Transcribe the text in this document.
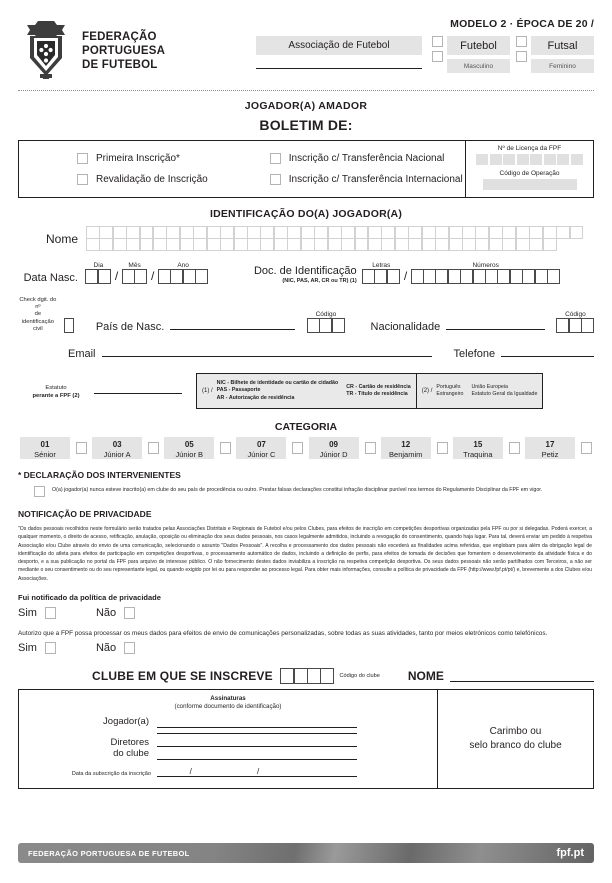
FEDERAÇÃO
PORTUGUESA
DE FUTEBOL
MODELO 2 · ÉPOCA DE 20 /
Associação de Futebol	Futebol
Masculino
Futsal
Feminino
JOGADOR(A) AMADOR
BOLETIM DE:
Primeira Inscrição*
Revalidação de Inscrição
Inscrição c/ Transferência Nacional
Inscrição c/ Transferência Internacional
Nº de Licença da FPF
Código de Operação
IDENTIFICAÇÃO DO(A) JOGADOR(A)
Nome
Data Nasc.
Dia
/
Mês
/
Ano	Doc. de Identificação
(NIC, PAS, AR, CR ou TR) (1)
Letras
/
Números
Check dgit. do nº
de identificação civil	País de Nasc.
Código
Nacionalidade
Código
Email	Telefone
Estatuto
perante a FPF (2)
(1) /
NIC - Bilhete de identidade ou cartão de cidadão
PAS - Passaporte
AR - Autorização de residência
CR - Cartão de residência
TR - Título de residência	(2) /
Português
Estrangeiro
União Europeia
Estatuto Geral da Igualdade
CATEGORIA
01
Sénior
03
Júnior A
05
Júnior B
07
Júnior C
09
Júnior D
12
Benjamim
15
Traquina
17
Petiz
* DECLARAÇÃO DOS INTERVENIENTES
O(a) jogador(a) nunca esteve inscrito(a) em clube do seu país de procedência ou outro. Prestar falsas declarações constitui infração disciplinar punível nos termos do Regulamento Disciplinar da FPF em vigor.
NOTIFICAÇÃO DE PRIVACIDADE
"Os dados pessoais recolhidos neste formulário serão tratados pelas Associações Distritais e Regionais de Futebol e/ou pelos Clubes, para efeitos de inscrição em competições desportivas organizadas pela FPF ou por si delegadas. Poderá exercer, a qualquer momento, o direito de acesso, retificação, anulação, oposição ou eliminação dos seus dados pessoais, nos casos legalmente admitidos, incluindo a revogação do consentimento, quando haja lugar. Para tal, deverá enviar um pedido à respetiva Associação e/ou Clube através do envio de uma comunicação, selecionando o assunto "Dados Pessoais". A recolha e processamento dos dados pessoais não excederá as finalidades acima referidas, que englobam para além da obrigação legal de identificação do atleta para efeitos de participação em competições desportivas, o processamento automático de dados, incluindo a definição de perfis, para efeitos de tomada de decisões que fomentem o desenvolvimento da atividade física e do desporto, e a sua publicação no portal da FPF para arquivo de interesse público. O não fornecimento destes dados inviabiliza a inscrição na respetiva competição desportiva. Os seus dados pessoais não serão partilhados com Terceiros, a não ser mediante o seu consentimento ou do seu representante legal, ou quando exigido por lei ou para responder ao processo legal. Para obter mais informações, consulte a política de privacidade da FPF (http://www.fpf.pt/pt/) e, brevemente a dos Clubes e/ou Associações.
Fui notificado da política de privacidade
Sim	Não
Autorizo que a FPF possa processar os meus dados para efeitos de envio de comunicações personalizadas, sobre todas as suas atividades, tanto por meios eletrónicos como telefónicos.
Sim	Não
CLUBE EM QUE SE INSCREVE	Código do clube NOME
Assinaturas
(conforme documento de identificação)
Jogador(a)
Diretores
do clube
Data da subscrição da inscrição	/	/
Carimbo ou
selo branco do clube
FEDERAÇÃO PORTUGUESA DE FUTEBOL	fpf.pt
